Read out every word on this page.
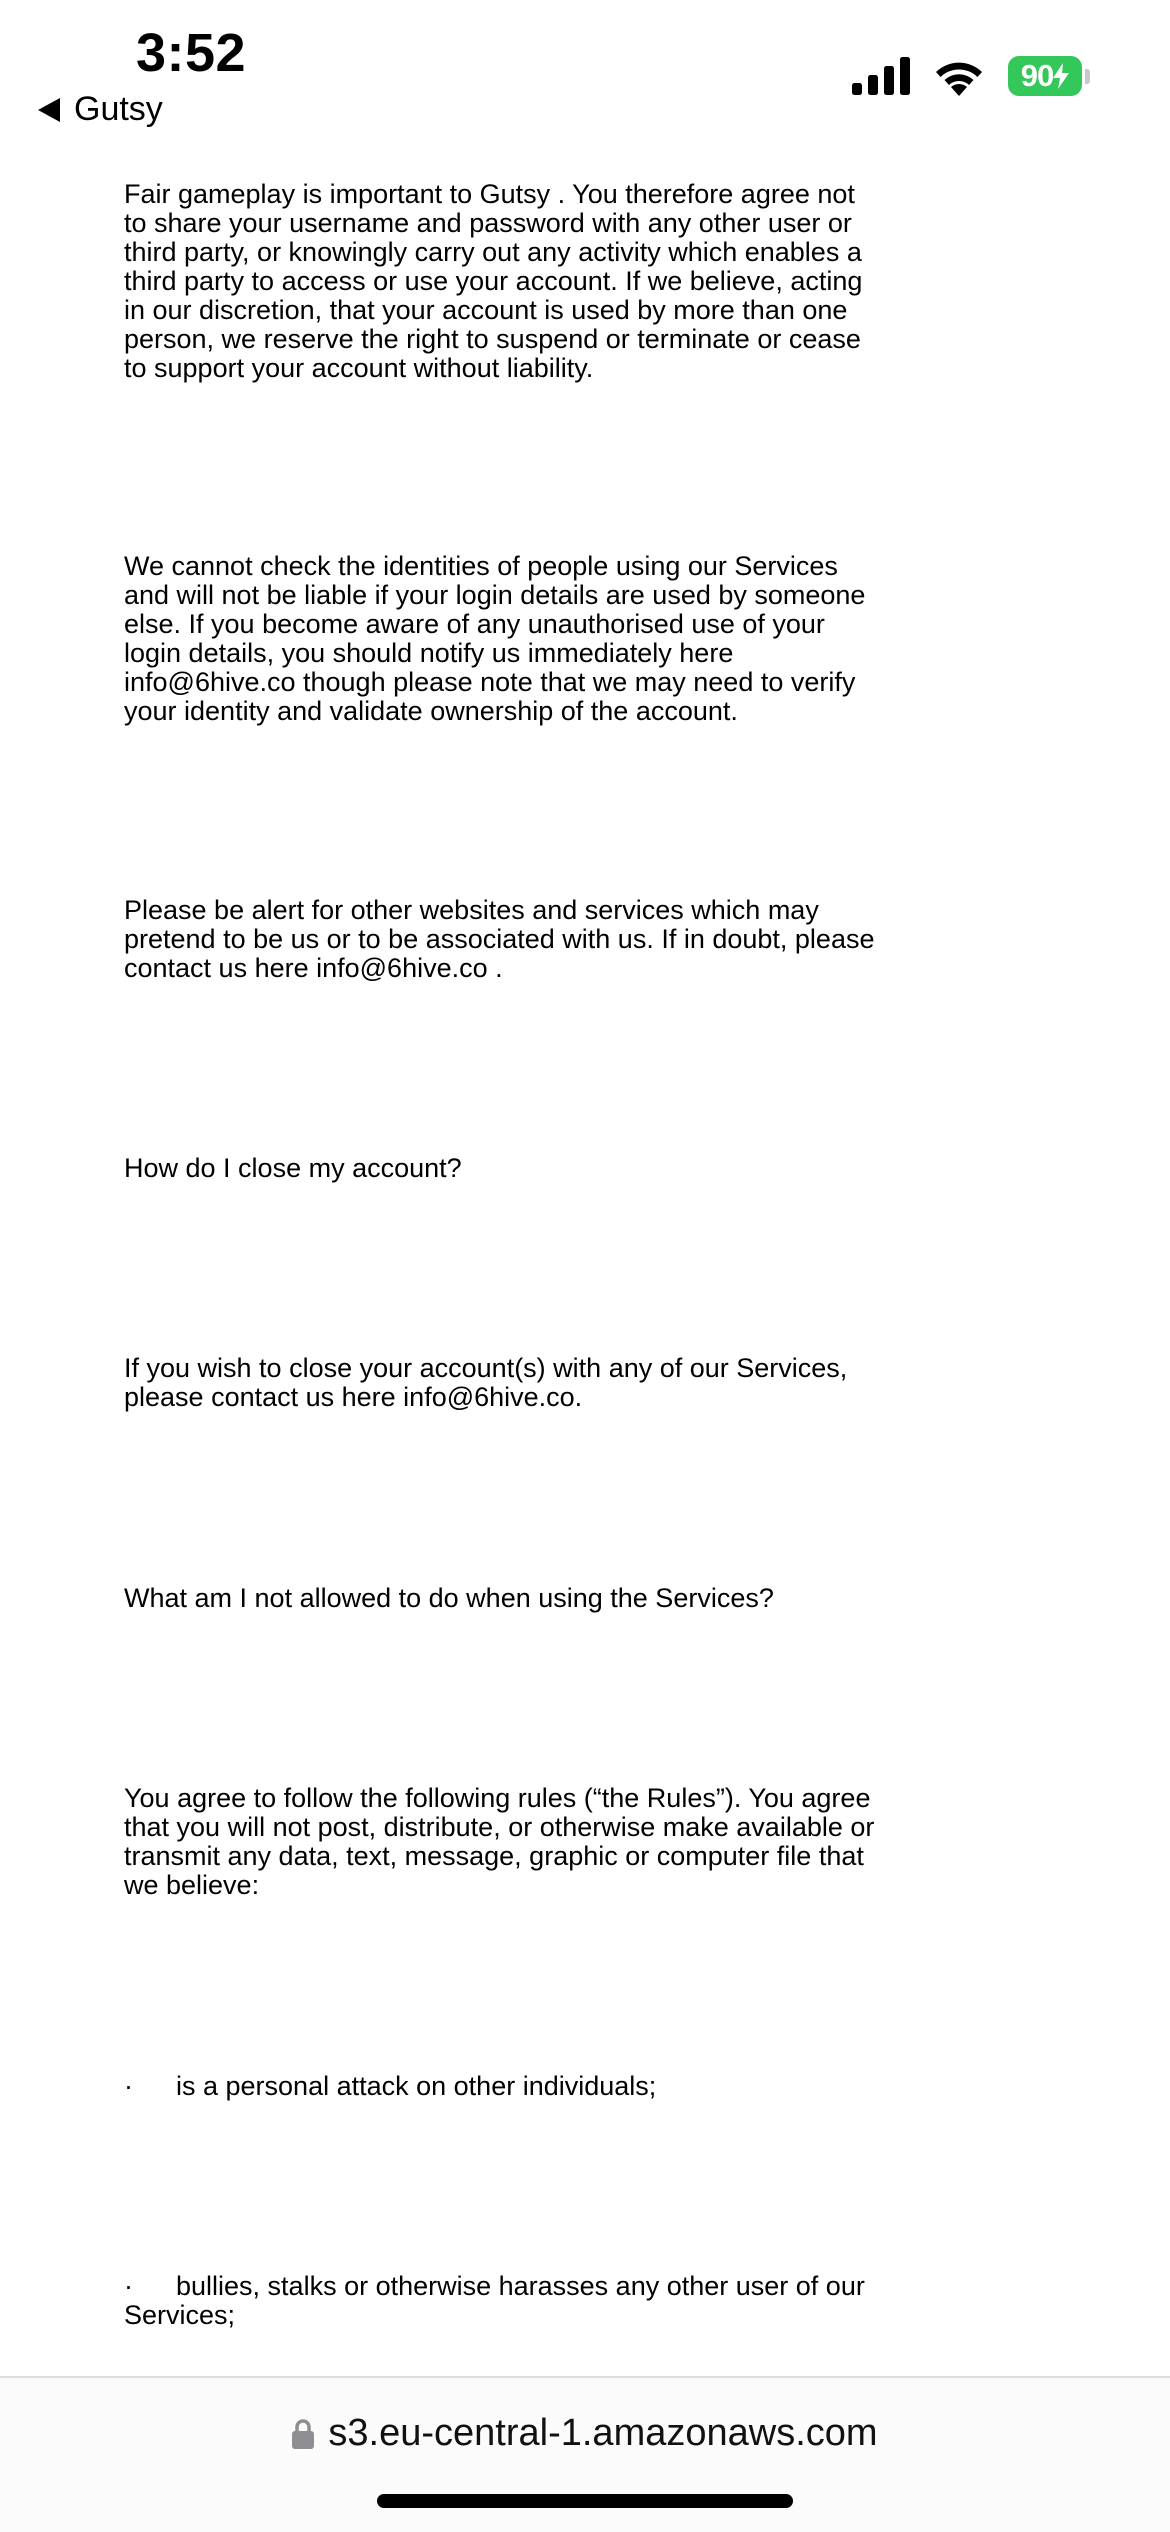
3:52
Gutsy
90

Fair gameplay is important to Gutsy . You therefore agree not to share your username and password with any other user or third party, or knowingly carry out any activity which enables a third party to access or use your account. If we believe, acting in our discretion, that your account is used by more than one person, we reserve the right to suspend or terminate or cease to support your account without liability.

We cannot check the identities of people using our Services and will not be liable if your login details are used by someone else. If you become aware of any unauthorised use of your login details, you should notify us immediately here info@6hive.co though please note that we may need to verify your identity and validate ownership of the account.

Please be alert for other websites and services which may pretend to be us or to be associated with us. If in doubt, please contact us here info@6hive.co .

How do I close my account?

If you wish to close your account(s) with any of our Services, please contact us here info@6hive.co.

What am I not allowed to do when using the Services?

You agree to follow the following rules (“the Rules”). You agree that you will not post, distribute, or otherwise make available or transmit any data, text, message, graphic or computer file that we believe:

· is a personal attack on other individuals;

· bullies, stalks or otherwise harasses any other user of our Services;

s3.eu-central-1.amazonaws.com
